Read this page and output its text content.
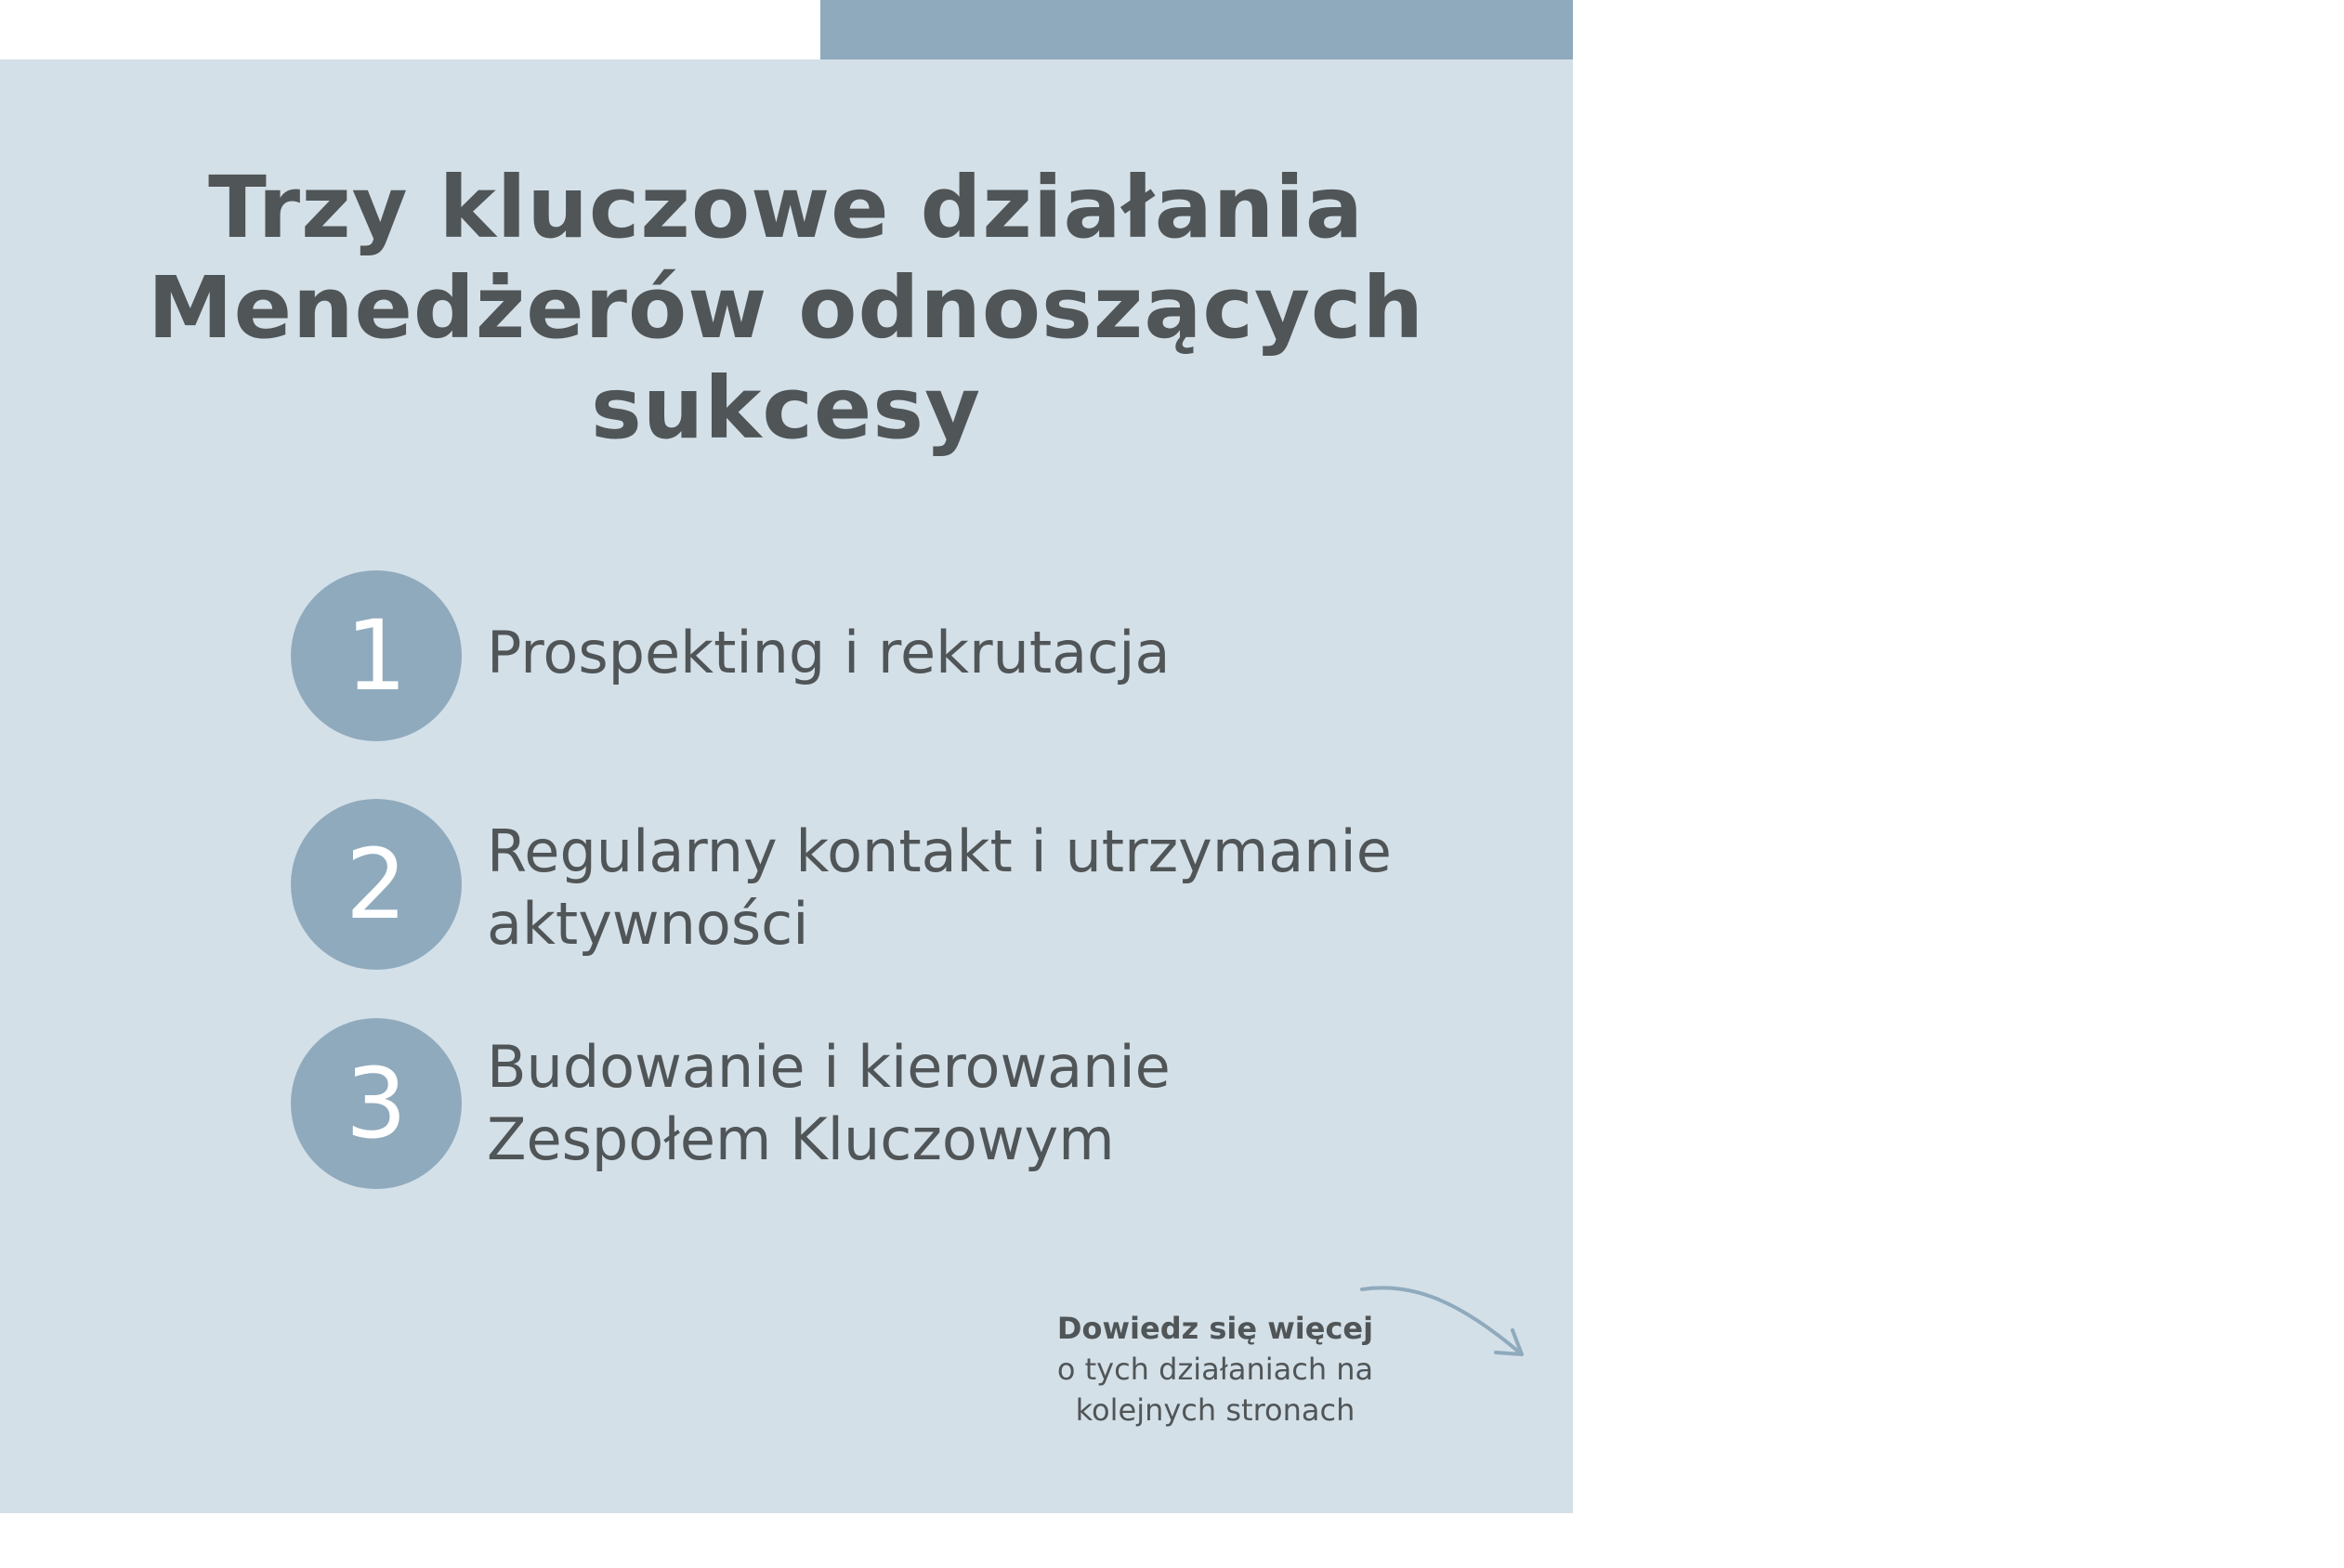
ROZDZIAŁ 3: MENEDŻER 31
Trzy kluczowe działania
Menedżerów odnoszących
sukcesy
1	Prospekting i rekrutacja
2	Regularny kontakt i utrzymanie
aktywności
3	Budowanie i kierowanie
Zespołem Kluczowym
Dowiedz się więcej
o tych działaniach na
kolejnych stronach
